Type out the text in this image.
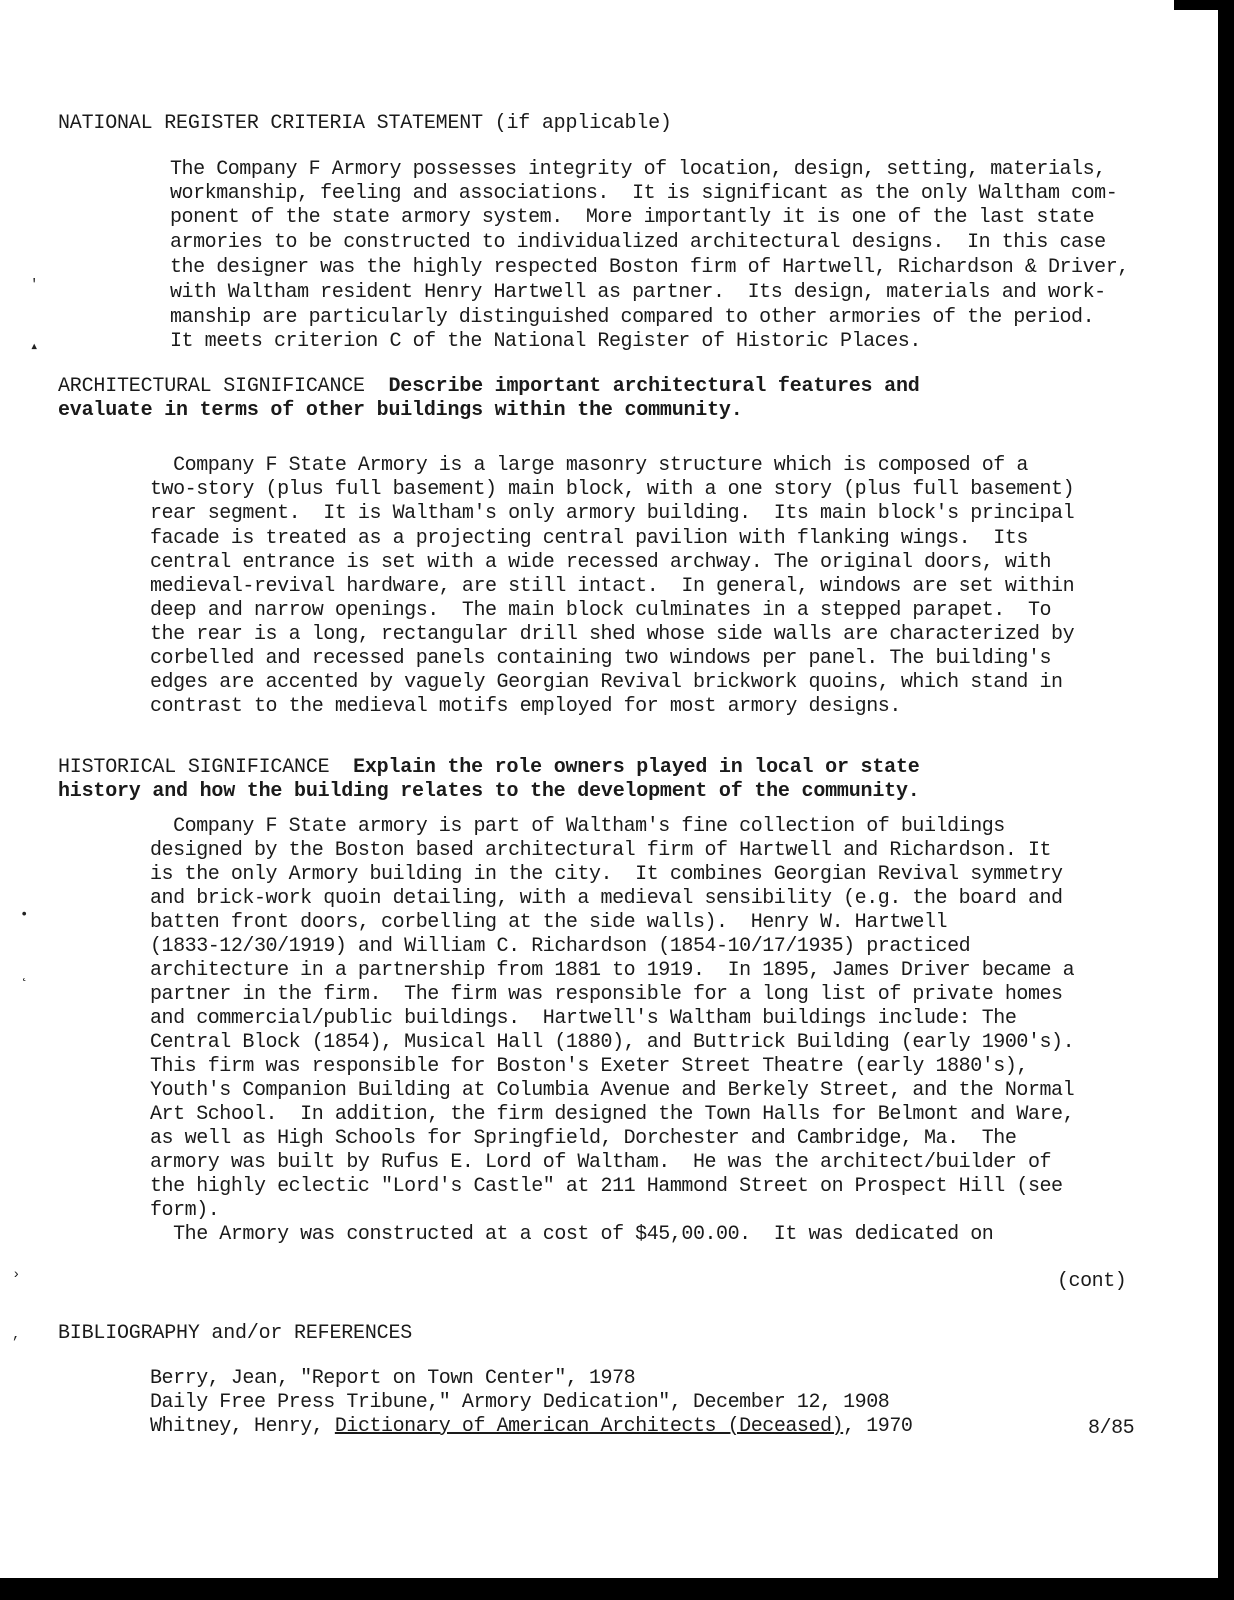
NATIONAL REGISTER CRITERIA STATEMENT (if applicable)
The Company F Armory possesses integrity of location, design, setting, materials,
workmanship, feeling and associations.  It is significant as the only Waltham com-
ponent of the state armory system.  More importantly it is one of the last state
armories to be constructed to individualized architectural designs.  In this case
the designer was the highly respected Boston firm of Hartwell, Richardson & Driver,
with Waltham resident Henry Hartwell as partner.  Its design, materials and work-
manship are particularly distinguished compared to other armories of the period.
It meets criterion C of the National Register of Historic Places.
ARCHITECTURAL SIGNIFICANCE Describe important architectural features and
evaluate in terms of other buildings within the community.
Company F State Armory is a large masonry structure which is composed of a
two-story (plus full basement) main block, with a one story (plus full basement)
rear segment.  It is Waltham's only armory building.  Its main block's principal
facade is treated as a projecting central pavilion with flanking wings.  Its
central entrance is set with a wide recessed archway. The original doors, with
medieval-revival hardware, are still intact.  In general, windows are set within
deep and narrow openings.  The main block culminates in a stepped parapet.  To
the rear is a long, rectangular drill shed whose side walls are characterized by
corbelled and recessed panels containing two windows per panel. The building's
edges are accented by vaguely Georgian Revival brickwork quoins, which stand in
contrast to the medieval motifs employed for most armory designs.
HISTORICAL SIGNIFICANCE Explain the role owners played in local or state
history and how the building relates to the development of the community.
Company F State armory is part of Waltham's fine collection of buildings
designed by the Boston based architectural firm of Hartwell and Richardson. It
is the only Armory building in the city.  It combines Georgian Revival symmetry
and brick-work quoin detailing, with a medieval sensibility (e.g. the board and
batten front doors, corbelling at the side walls).  Henry W. Hartwell
(1833-12/30/1919) and William C. Richardson (1854-10/17/1935) practiced
architecture in a partnership from 1881 to 1919.  In 1895, James Driver became a
partner in the firm.  The firm was responsible for a long list of private homes
and commercial/public buildings.  Hartwell's Waltham buildings include: The
Central Block (1854), Musical Hall (1880), and Buttrick Building (early 1900's).
This firm was responsible for Boston's Exeter Street Theatre (early 1880's),
Youth's Companion Building at Columbia Avenue and Berkely Street, and the Normal
Art School.  In addition, the firm designed the Town Halls for Belmont and Ware,
as well as High Schools for Springfield, Dorchester and Cambridge, Ma.  The
armory was built by Rufus E. Lord of Waltham.  He was the architect/builder of
the highly eclectic "Lord's Castle" at 211 Hammond Street on Prospect Hill (see
form).
The Armory was constructed at a cost of $45,00.00.  It was dedicated on
(cont)
BIBLIOGRAPHY and/or REFERENCES
Berry, Jean, "Report on Town Center", 1978
Daily Free Press Tribune," Armory Dedication", December 12, 1908
Whitney, Henry, Dictionary of American Architects (Deceased), 1970	8/85
'
▴
•
˛
›
,
